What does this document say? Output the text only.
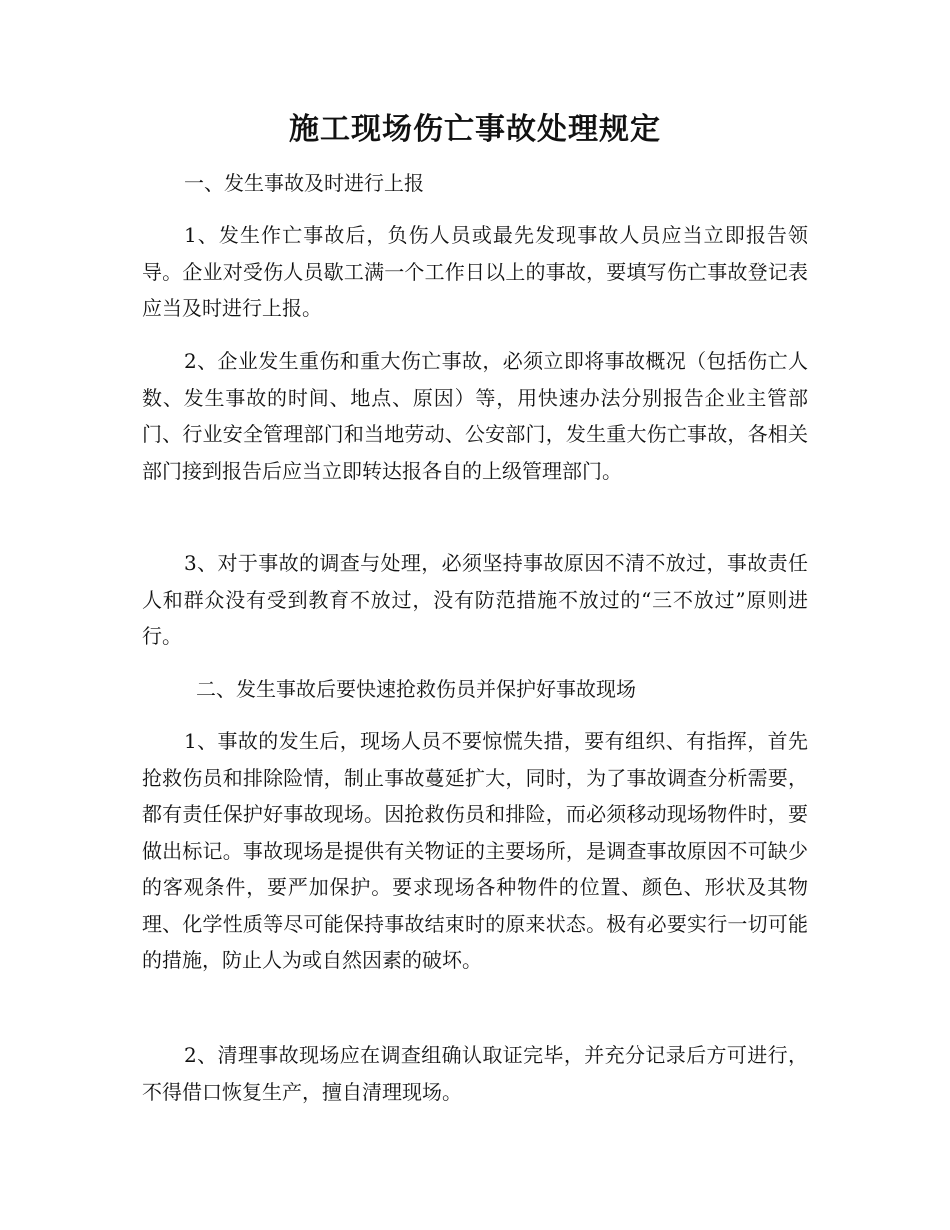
施工现场伤亡事故处理规定
一、发生事故及时进行上报
1、发生作亡事故后，负伤人员或最先发现事故人员应当立即报告领导。企业对受伤人员歇工满一个工作日以上的事故，要填写伤亡事故登记表应当及时进行上报。
2、企业发生重伤和重大伤亡事故，必须立即将事故概况（包括伤亡人数、发生事故的时间、地点、原因）等，用快速办法分别报告企业主管部门、行业安全管理部门和当地劳动、公安部门，发生重大伤亡事故，各相关部门接到报告后应当立即转达报各自的上级管理部门。
3、对于事故的调查与处理，必须坚持事故原因不清不放过，事故责任人和群众没有受到教育不放过，没有防范措施不放过的“三不放过”原则进行。
二、发生事故后要快速抢救伤员并保护好事故现场
1、事故的发生后，现场人员不要惊慌失措，要有组织、有指挥，首先抢救伤员和排除险情，制止事故蔓延扩大，同时，为了事故调查分析需要，都有责任保护好事故现场。因抢救伤员和排险，而必须移动现场物件时，要做出标记。事故现场是提供有关物证的主要场所，是调查事故原因不可缺少的客观条件，要严加保护。要求现场各种物件的位置、颜色、形状及其物理、化学性质等尽可能保持事故结束时的原来状态。极有必要实行一切可能的措施，防止人为或自然因素的破坏。
2、清理事故现场应在调查组确认取证完毕，并充分记录后方可进行，不得借口恢复生产，擅自清理现场。
